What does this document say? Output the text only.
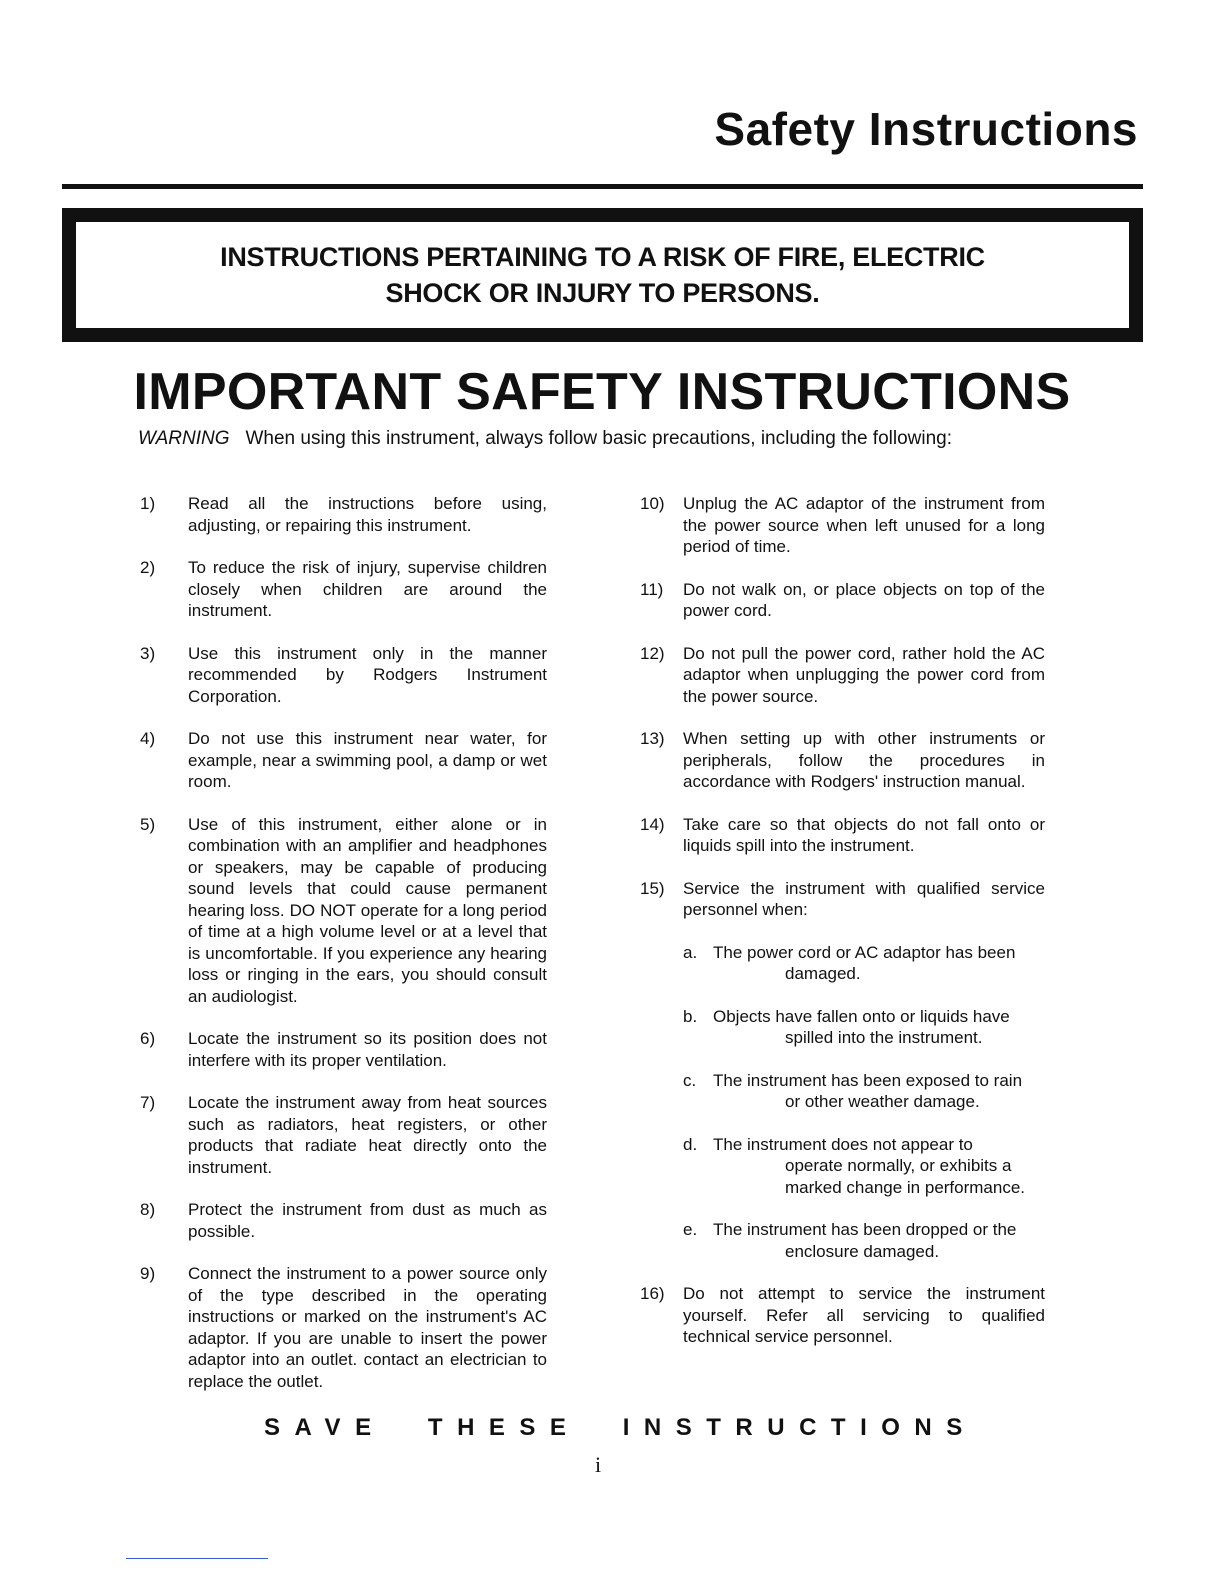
Safety Instructions
INSTRUCTIONS PERTAINING TO A RISK OF FIRE, ELECTRIC
SHOCK OR INJURY TO PERSONS.
IMPORTANT SAFETY INSTRUCTIONS
WARNING When using this instrument, always follow basic precautions, including the following:
1)	Read all the instructions before using, adjusting, or repairing this instrument.
2)	To reduce the risk of injury, supervise children closely when children are around the instrument.
3)	Use this instrument only in the manner recommended by Rodgers Instrument Corporation.
4)	Do not use this instrument near water, for example, near a swimming pool, a damp or wet room.
5)	Use of this instrument, either alone or in combination with an amplifier and headphones or speakers, may be capable of producing sound levels that could cause permanent hearing loss. DO NOT operate for a long period of time at a high volume level or at a level that is uncomfortable. If you experience any hearing loss or ringing in the ears, you should consult an audiologist.
6)	Locate the instrument so its position does not interfere with its proper ventilation.
7)	Locate the instrument away from heat sources such as radiators, heat registers, or other products that radiate heat directly onto the instrument.
8)	Protect the instrument from dust as much as possible.
9)	Connect the instrument to a power source only of the type described in the operating instructions or marked on the instrument's AC adaptor. If you are unable to insert the power adaptor into an outlet. contact an electrician to replace the outlet.
10)	Unplug the AC adaptor of the instrument from the power source when left unused for a long period of time.
11)	Do not walk on, or place objects on top of the power cord.
12)	Do not pull the power cord, rather hold the AC adaptor when unplugging the power cord from the power source.
13)	When setting up with other instruments or peripherals, follow the procedures in accordance with Rodgers' instruction manual.
14)	Take care so that objects do not fall onto or liquids spill into the instrument.
15)	Service the instrument with qualified service personnel when:
a. The power cord or AC adaptor has been
damaged.
b. Objects have fallen onto or liquids have
spilled into the instrument.
c. The instrument has been exposed to rain
or other weather damage.
d. The instrument does not appear to
operate normally, or exhibits a marked change in performance.
e. The instrument has been dropped or the
enclosure damaged.
16)	Do not attempt to service the instrument yourself. Refer all servicing to qualified technical service personnel.
SAVE  THESE  INSTRUCTIONS
i
